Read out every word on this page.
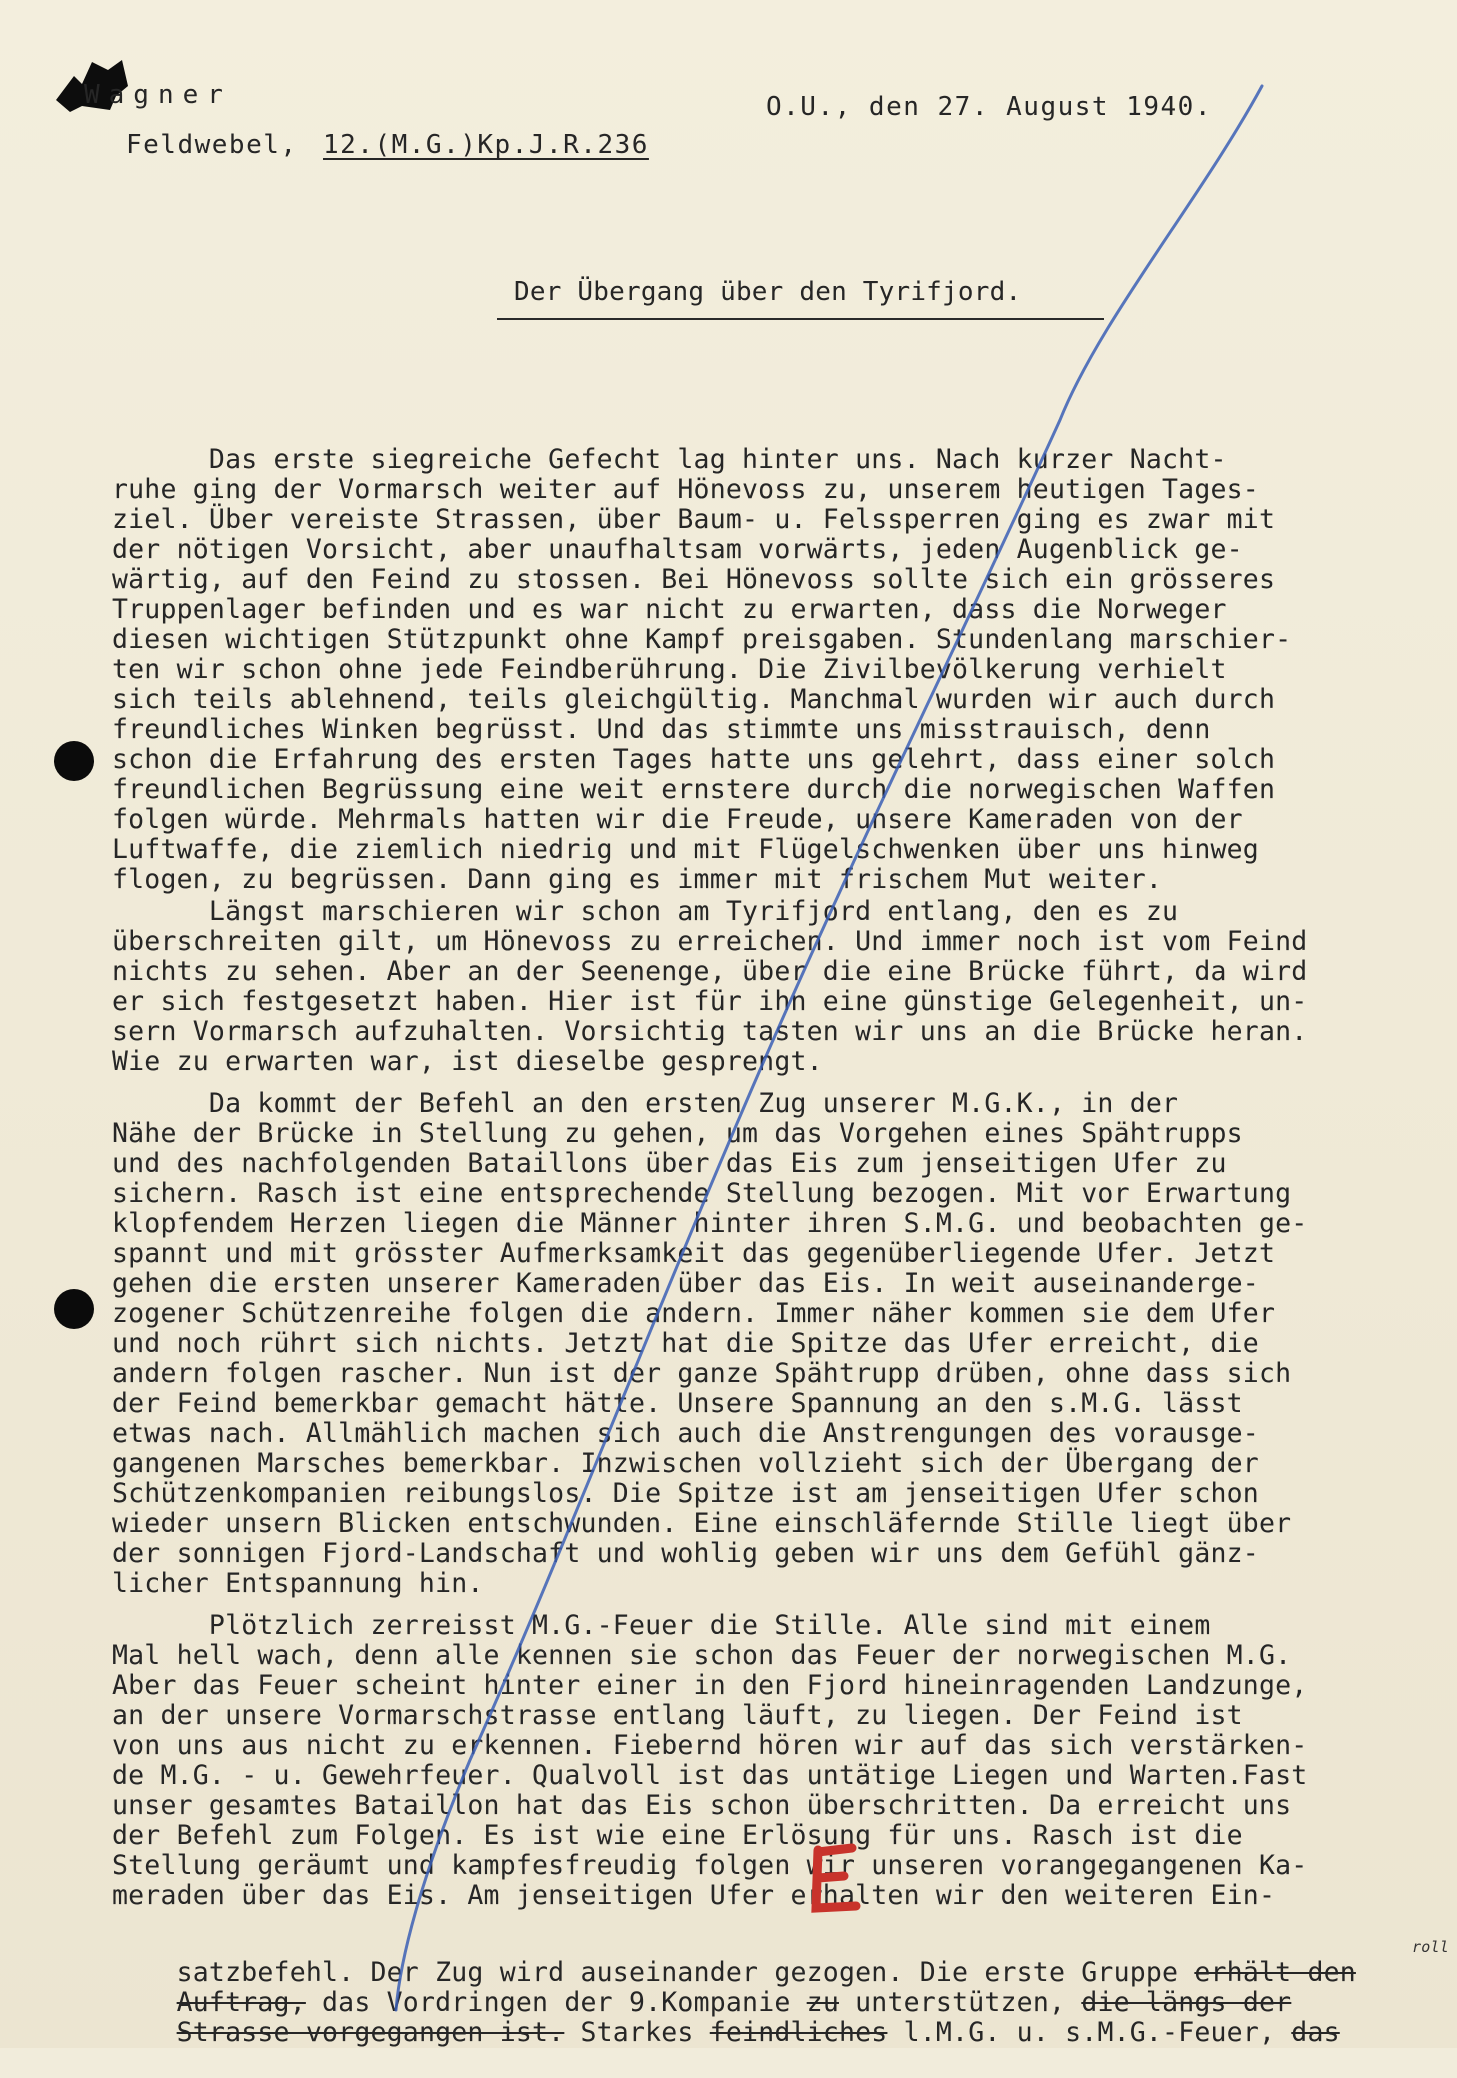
Wagner
Feldwebel, 12.(M.G.)Kp.J.R.236
O.U., den 27. August 1940.
Der Übergang über den Tyrifjord.
Das erste siegreiche Gefecht lag hinter uns. Nach kurzer Nacht-
ruhe ging der Vormarsch weiter auf Hönevoss zu, unserem heutigen Tages-
ziel. Über vereiste Strassen, über Baum- u. Felssperren ging es zwar mit
der nötigen Vorsicht, aber unaufhaltsam vorwärts, jeden Augenblick ge-
wärtig, auf den Feind zu stossen. Bei Hönevoss sollte sich ein grösseres
Truppenlager befinden und es war nicht zu erwarten, dass die Norweger
diesen wichtigen Stützpunkt ohne Kampf preisgaben. Stundenlang marschier-
ten wir schon ohne jede Feindberührung. Die Zivilbevölkerung verhielt
sich teils ablehnend, teils gleichgültig. Manchmal wurden wir auch durch
freundliches Winken begrüsst. Und das stimmte uns misstrauisch, denn
schon die Erfahrung des ersten Tages hatte uns gelehrt, dass einer solch
freundlichen Begrüssung eine weit ernstere durch die norwegischen Waffen
folgen würde. Mehrmals hatten wir die Freude, unsere Kameraden von der
Luftwaffe, die ziemlich niedrig und mit Flügelschwenken über uns hinweg
flogen, zu begrüssen. Dann ging es immer mit frischem Mut weiter.
Längst marschieren wir schon am Tyrifjord entlang, den es zu
überschreiten gilt, um Hönevoss zu erreichen. Und immer noch ist vom Feind
nichts zu sehen. Aber an der Seenenge, über die eine Brücke führt, da wird
er sich festgesetzt haben. Hier ist für ihn eine günstige Gelegenheit, un-
sern Vormarsch aufzuhalten. Vorsichtig tasten wir uns an die Brücke heran.
Wie zu erwarten war, ist dieselbe gesprengt.
Da kommt der Befehl an den ersten Zug unserer M.G.K., in der
Nähe der Brücke in Stellung zu gehen, um das Vorgehen eines Spähtrupps
und des nachfolgenden Bataillons über das Eis zum jenseitigen Ufer zu
sichern. Rasch ist eine entsprechende Stellung bezogen. Mit vor Erwartung
klopfendem Herzen liegen die Männer hinter ihren S.M.G. und beobachten ge-
spannt und mit grösster Aufmerksamkeit das gegenüberliegende Ufer. Jetzt
gehen die ersten unserer Kameraden über das Eis. In weit auseinanderge-
zogener Schützenreihe folgen die andern. Immer näher kommen sie dem Ufer
und noch rührt sich nichts. Jetzt hat die Spitze das Ufer erreicht, die
andern folgen rascher. Nun ist der ganze Spähtrupp drüben, ohne dass sich
der Feind bemerkbar gemacht hätte. Unsere Spannung an den s.M.G. lässt
etwas nach. Allmählich machen sich auch die Anstrengungen des vorausge-
gangenen Marsches bemerkbar. Inzwischen vollzieht sich der Übergang der
Schützenkompanien reibungslos. Die Spitze ist am jenseitigen Ufer schon
wieder unsern Blicken entschwunden. Eine einschläfernde Stille liegt über
der sonnigen Fjord-Landschaft und wohlig geben wir uns dem Gefühl gänz-
licher Entspannung hin.
Plötzlich zerreisst M.G.-Feuer die Stille. Alle sind mit einem
Mal hell wach, denn alle kennen sie schon das Feuer der norwegischen M.G.
Aber das Feuer scheint hinter einer in den Fjord hineinragenden Landzunge,
an der unsere Vormarschstrasse entlang läuft, zu liegen. Der Feind ist
von uns aus nicht zu erkennen. Fiebernd hören wir auf das sich verstärken-
de M.G. - u. Gewehrfeuer. Qualvoll ist das untätige Liegen und Warten.Fast
unser gesamtes Bataillon hat das Eis schon überschritten. Da erreicht uns
der Befehl zum Folgen. Es ist wie eine Erlösung für uns. Rasch ist die
Stellung geräumt und kampfesfreudig folgen wir unseren vorangegangenen Ka-
meraden über das Eis. Am jenseitigen Ufer erhalten wir den weiteren Ein-

satzbefehl. Der Zug wird auseinander gezogen. Die erste Gruppe erhält den

roll

Auftrag, das Vordringen der 9.Kompanie zu unterstützen, die längs der

Strasse vorgegangen ist. Starkes feindliches l.M.G. u. s.M.G.-Feuer, das
